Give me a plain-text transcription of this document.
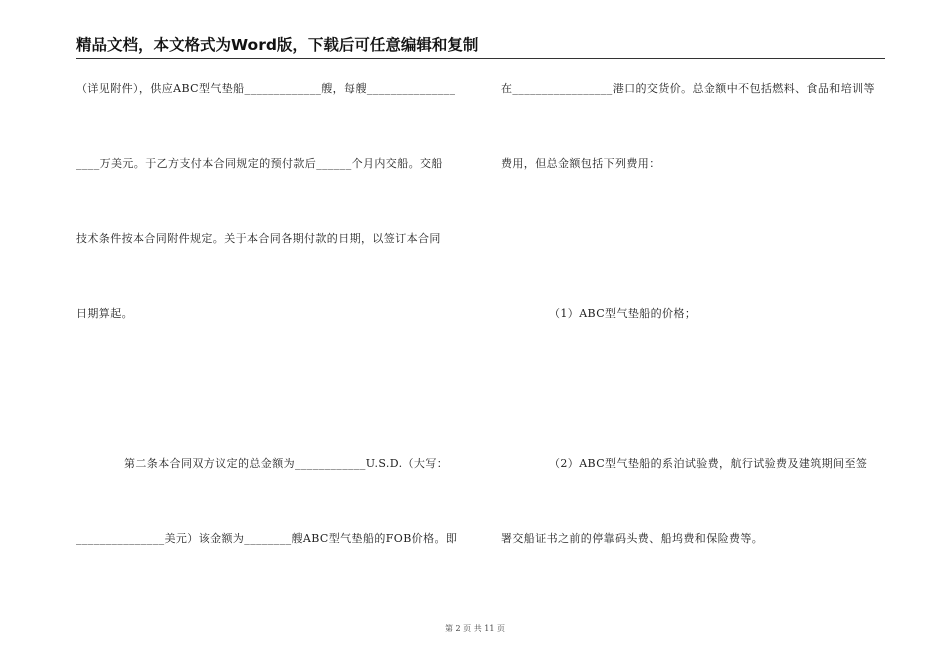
精品文档，本文格式为Word版，下载后可任意编辑和复制
（详见附件），供应ABC型气垫船_____________艘，每艘_______________
____万美元。于乙方支付本合同规定的预付款后______个月内交船。交船
技术条件按本合同附件规定。关于本合同各期付款的日期，以签订本合同
日期算起。
第二条本合同双方议定的总金额为____________U.S.D.（大写：
_______________美元）该金额为________艘ABC型气垫船的FOB价格。即
在_________________港口的交货价。总金额中不包括燃料、食品和培训等
费用，但总金额包括下列费用：
（1）ABC型气垫船的价格；
（2）ABC型气垫船的系泊试验费，航行试验费及建筑期间至签
署交船证书之前的停靠码头费、船坞费和保险费等。
第 2 页 共 11 页
